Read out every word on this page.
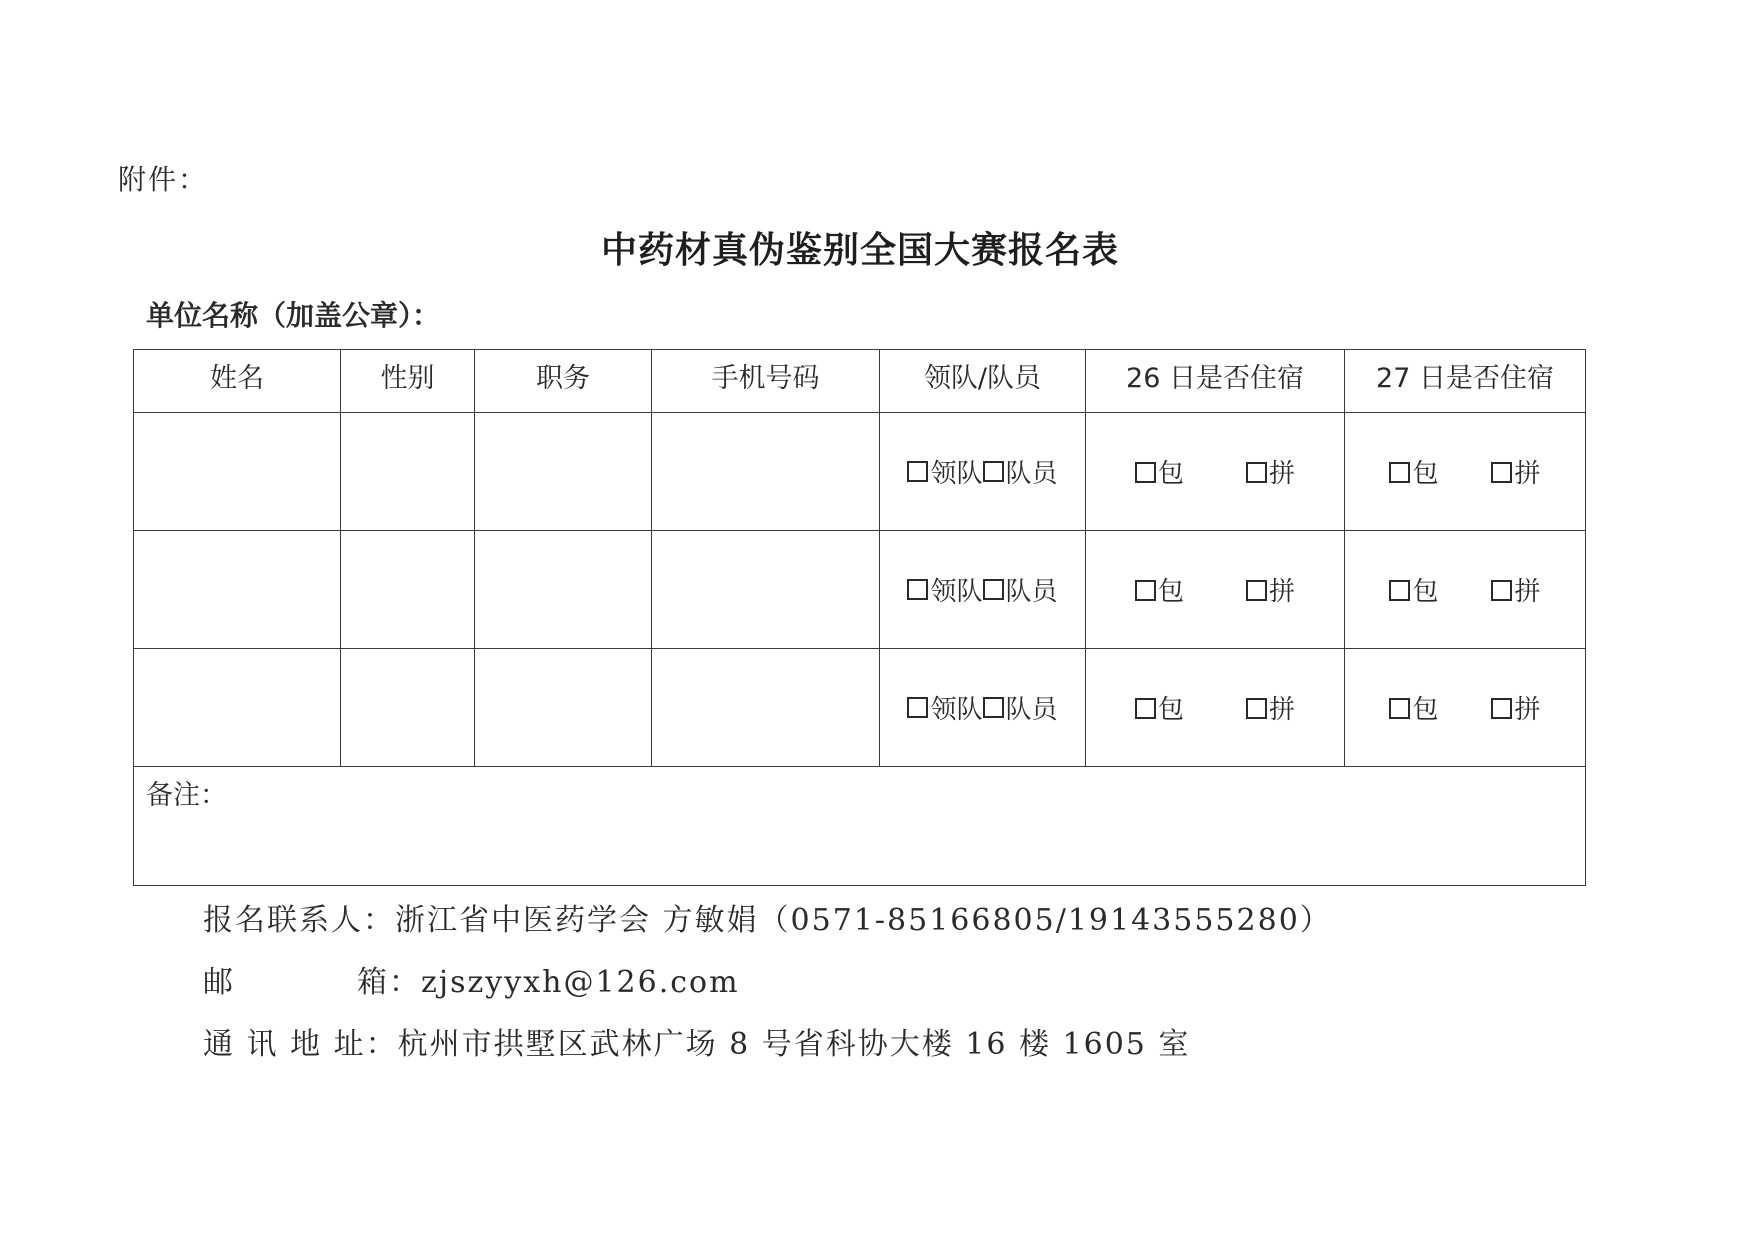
附件：
中药材真伪鉴别全国大赛报名表
单位名称（加盖公章）：
姓名	性别	职务	手机号码	领队/队员	26 日是否住宿	27 日是否住宿

				领队 队员	包 拼	包 拼

				领队 队员	包 拼	包 拼

				领队 队员	包 拼	包 拼

备注：						
报名联系人：浙江省中医药学会 方敏娟（0571-85166805/19143555280）
邮	箱 ：zjszyyxh@126.com
通 讯 地 址：杭州市拱墅区武林广场 8 号省科协大楼 16 楼 1605 室
